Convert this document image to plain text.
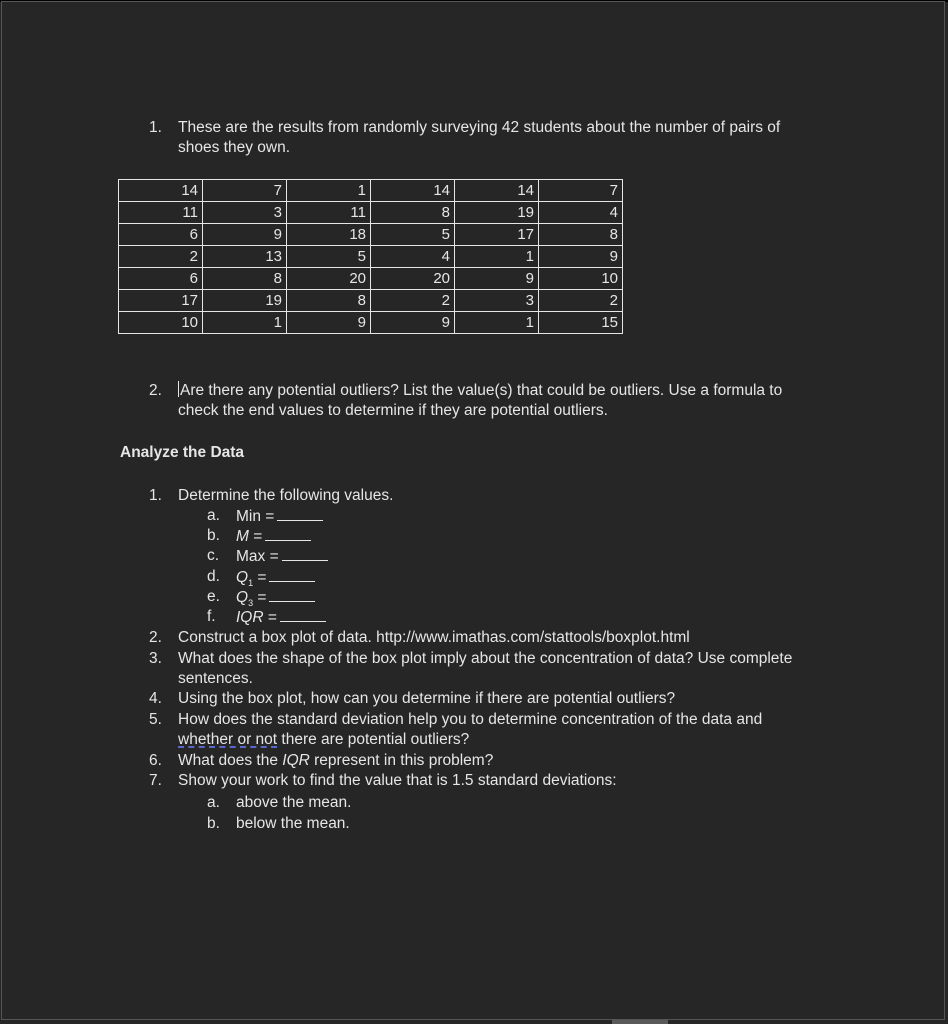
1. These are the results from randomly surveying 42 students about the number of pairs of
shoes they own.
14	7	1	14	14	7
11	3	11	8	19	4
6	9	18	5	17	8
2	13	5	4	1	9
6	8	20	20	9	10
17	19	8	2	3	2
10	1	9	9	1	15
2. Are there any potential outliers? List the value(s) that could be outliers. Use a formula to
check the end values to determine if they are potential outliers.
Analyze the Data
1. Determine the following values.
a. Min =
b. M =
c. Max =
d. $Q_1$ =
e. $Q_3$ =
f. IQR =
2. Construct a box plot of data. http://www.imathas.com/stattools/boxplot.html
3. What does the shape of the box plot imply about the concentration of data? Use complete
sentences.
4. Using the box plot, how can you determine if there are potential outliers?
5. How does the standard deviation help you to determine concentration of the data and
whether or not there are potential outliers?
6. What does the IQR represent in this problem?
7. Show your work to find the value that is 1.5 standard deviations:
a. above the mean.
b. below the mean.
